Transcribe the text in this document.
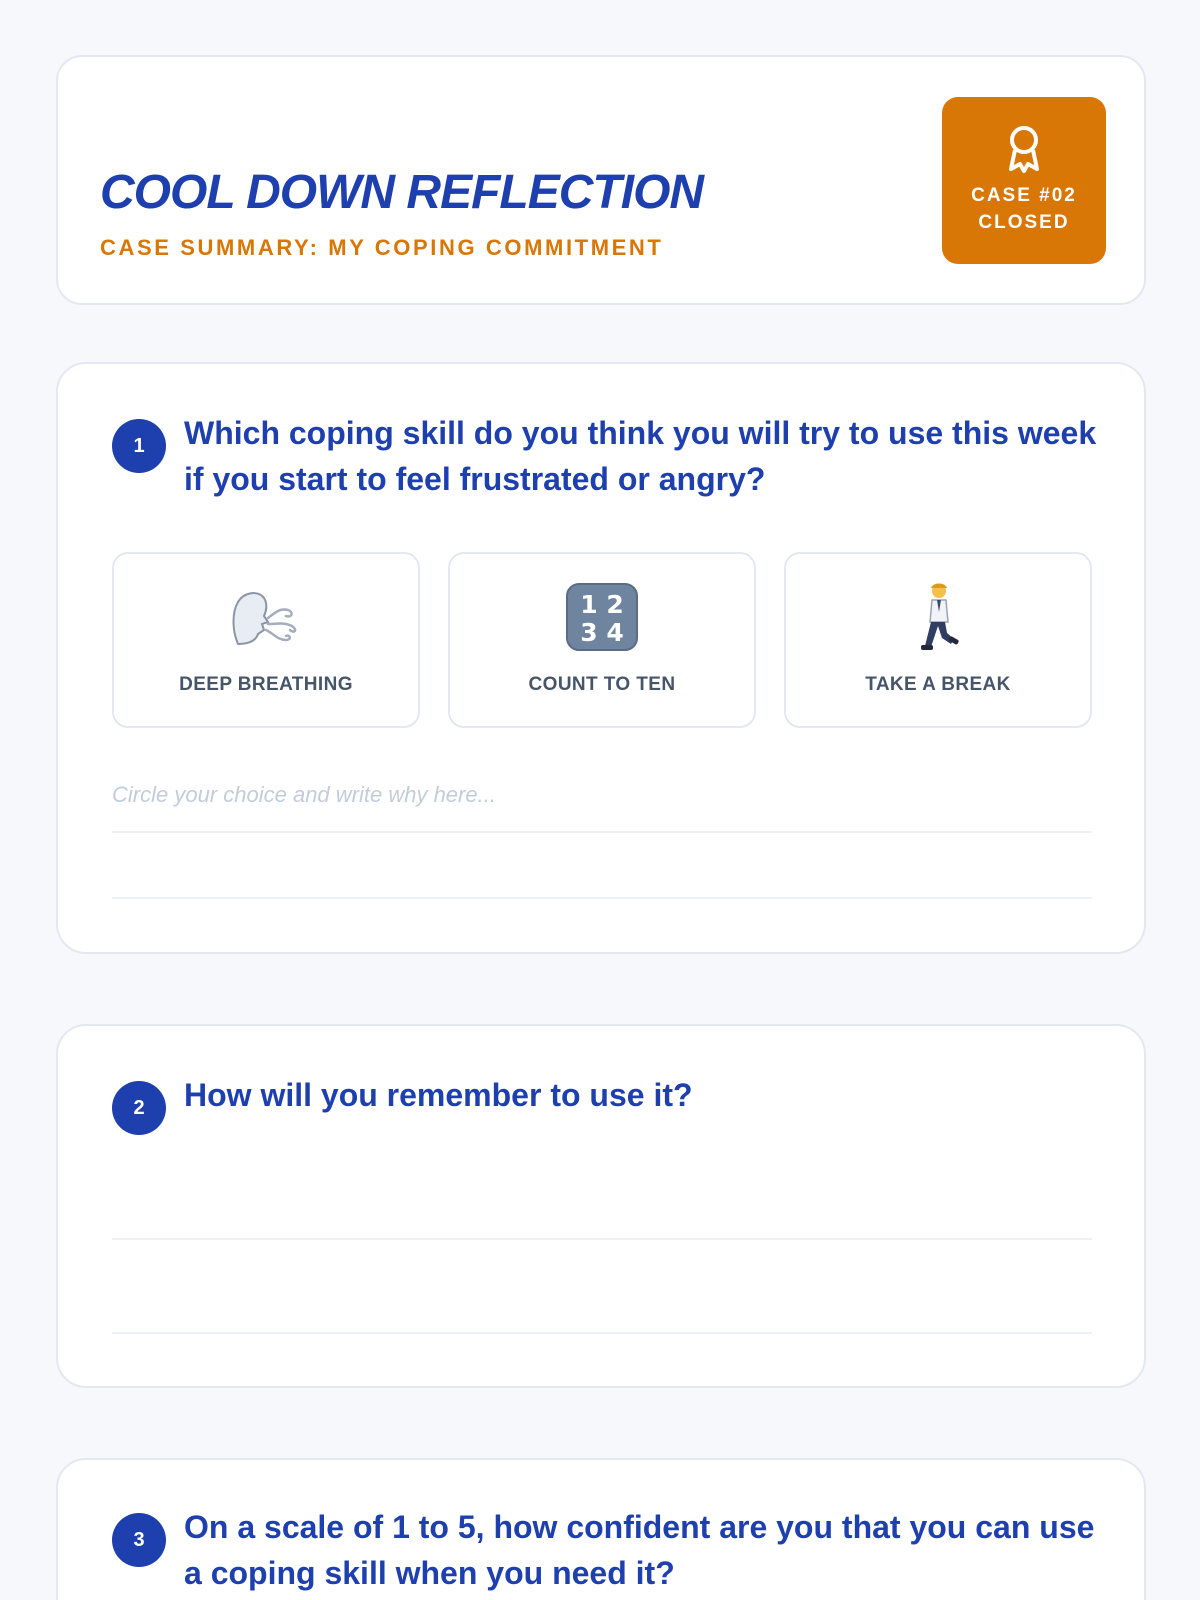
COOL DOWN REFLECTION
CASE SUMMARY: MY COPING COMMITMENT
CASE #02
CLOSED
1	Which coping skill do you think you will try to use this week if you start to feel frustrated or angry?
DEEP BREATHING
1 2
3 4
COUNT TO TEN	TAKE A BREAK
Circle your choice and write why here...
2	How will you remember to use it?
3	On a scale of 1 to 5, how confident are you that you can use a coping skill when you need it?
